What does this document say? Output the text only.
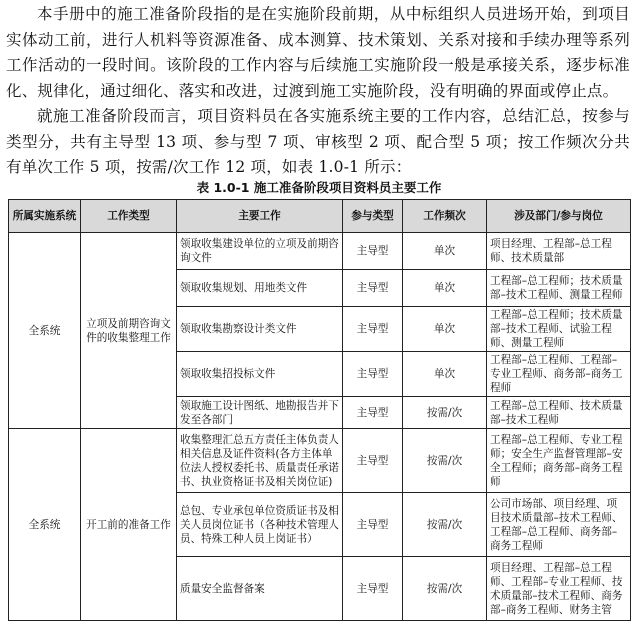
本手册中的施工准备阶段指的是在实施阶段前期，从中标组织人员进场开始，到项目实体动工前，进行人机料等资源准备、成本测算、技术策划、关系对接和手续办理等系列工作活动的一段时间。该阶段的工作内容与后续施工实施阶段一般是承接关系，逐步标准化、规律化，通过细化、落实和改进，过渡到施工实施阶段，没有明确的界面或停止点。

就施工准备阶段而言，项目资料员在各实施系统主要的工作内容，总结汇总，按参与类型分，共有主导型 13 项、参与型 7 项、审核型 2 项、配合型 5 项；按工作频次分共有单次工作 5 项，按需/次工作 12 项，如表 1.0-1 所示：

表 1.0-1 施工准备阶段项目资料员主要工作
所属实施系统	工作类型	主要工作	参与类型	工作频次	涉及部门/参与岗位
全系统	立项及前期咨询文件的收集整理工作	领取收集建设单位的立项及前期咨询文件	主导型	单次	项目经理、工程部–总工程师、技术质量部
		领取收集规划、用地类文件	主导型	单次	工程部–总工程师；技术质量部–技术工程师、测量工程师
		领取收集勘察设计类文件	主导型	单次	工程部–总工程师；技术质量部–技术工程师、试验工程师、测量工程师
		领取收集招投标文件	主导型	单次	工程部–总工程师、工程部–专业工程师、商务部–商务工程师
		领取施工设计图纸、地勘报告并下发至各部门	主导型	按需/次	工程部–总工程师、技术质量部–技术工程师
全系统	开工前的准备工作	收集整理汇总五方责任主体负责人相关信息及证件资料(各方主体单位法人授权委托书、质量责任承诺书、执业资格证书及相关岗位证)	主导型	按需/次	工程部–总工程师、专业工程师；安全生产监督管理部–安全工程师；商务部–商务工程师
		总包、专业承包单位资质证书及相关人员岗位证书（各种技术管理人员、特殊工种人员上岗证书）	主导型	按需/次	公司市场部、项目经理、项目技术质量部–技术工程师、工程部–总工程师、商务部–商务工程师
		质量安全监督备案	主导型	按需/次	项目经理、工程部–总工程师、工程部–专业工程师、技术质量部–技术工程师、商务部–商务工程师、财务主管
